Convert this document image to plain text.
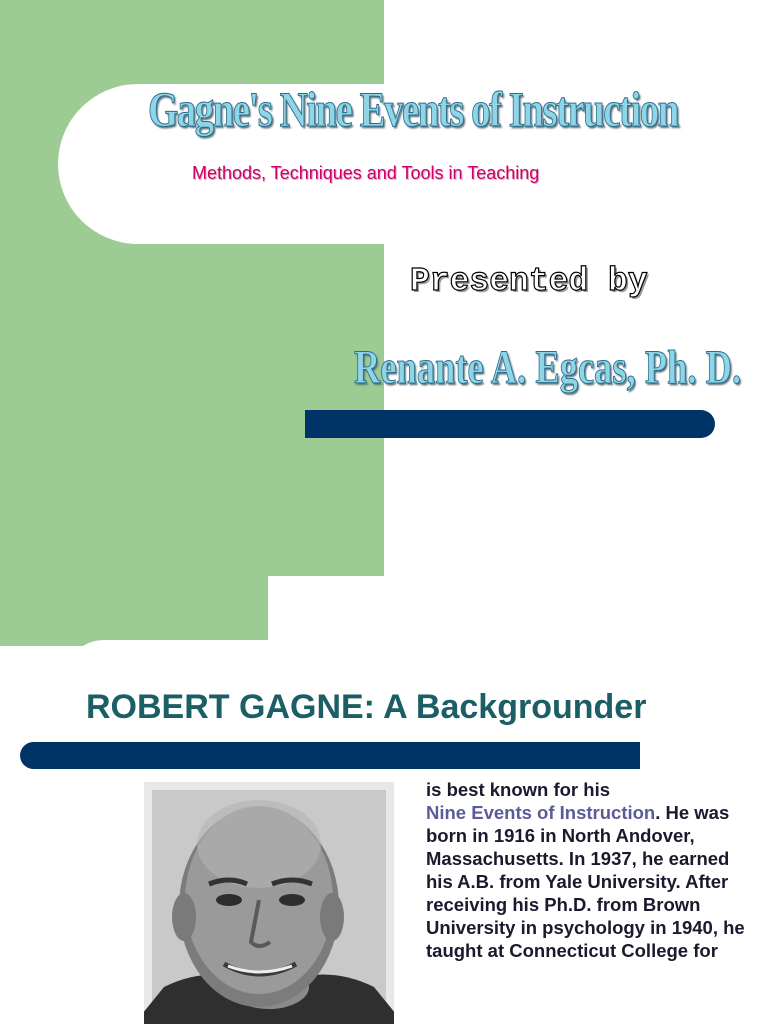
Gagne's Nine Events of Instruction

Methods, Techniques and Tools in Teaching

Presented by

Renante A. Egcas, Ph. D.

ROBERT GAGNE: A Backgrounder

is best known for his
Nine Events of Instruction. He was born in 1916 in North Andover, Massachusetts. In 1937, he earned his A.B. from Yale University. After receiving his Ph.D. from Brown University in psychology in 1940, he taught at Connecticut College for
